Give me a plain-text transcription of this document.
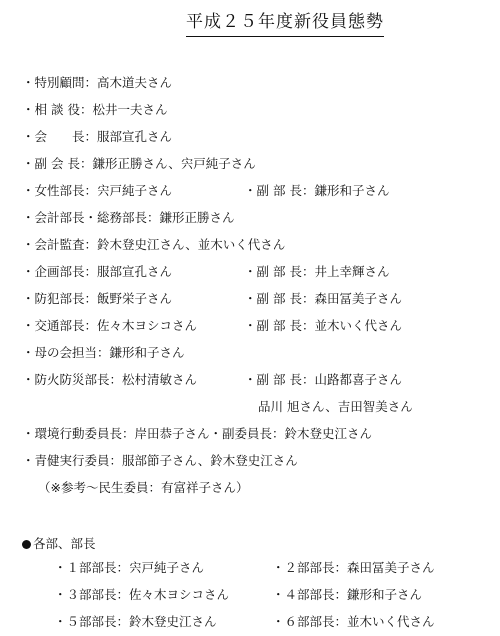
平成２５年度新役員態勢
・特別顧問：高木道夫さん
・相 談 役：松井一夫さん
・会　　長：服部宣孔さん
・副 会 長：鎌形正勝さん、宍戸純子さん
・女性部長：宍戸純子さん	・副 部 長：鎌形和子さん
・会計部長・総務部長：鎌形正勝さん
・会計監査：鈴木登史江さん、並木いく代さん
・企画部長：服部宣孔さん	・副 部 長：井上幸輝さん
・防犯部長：飯野栄子さん	・副 部 長：森田冨美子さん
・交通部長：佐々木ヨシコさん	・副 部 長：並木いく代さん
・母の会担当：鎌形和子さん
・防火防災部長：松村清敏さん	・副 部 長：山路都喜子さん
品川 旭さん、吉田智美さん
・環境行動委員長：岸田恭子さん・副委員長：鈴木登史江さん
・青健実行委員：服部節子さん、鈴木登史江さん
（※参考～民生委員：有富祥子さん）
各部、部長
・１部部長：宍戸純子さん	・２部部長：森田冨美子さん
・３部部長：佐々木ヨシコさん	・４部部長：鎌形和子さん
・５部部長：鈴木登史江さん	・６部部長：並木いく代さん
